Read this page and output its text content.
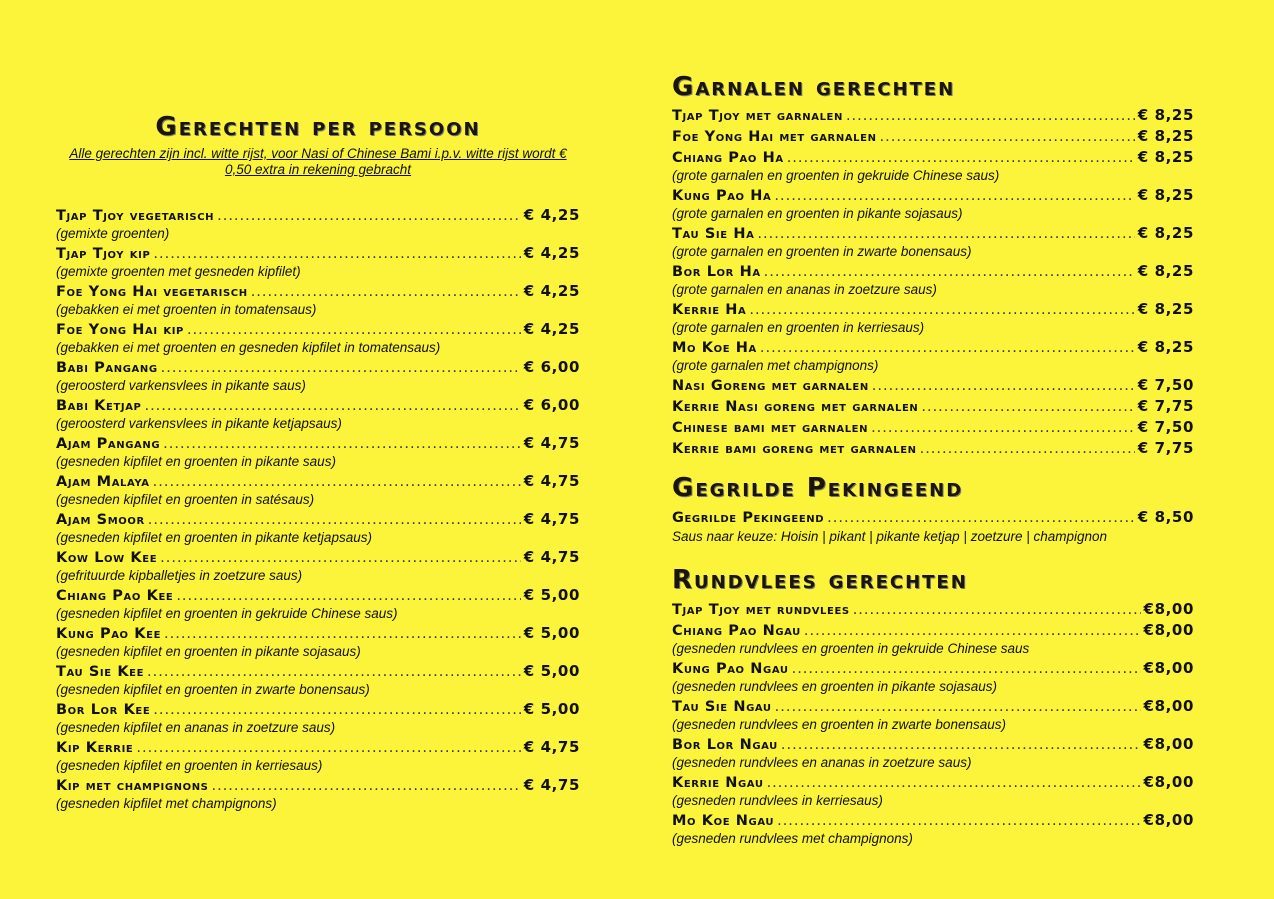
Gerechten per persoon

Alle gerechten zijn incl. witte rijst, voor Nasi of Chinese Bami i.p.v. witte rijst wordt € 0,50 extra in rekening gebracht

Tjap Tjoy vegetarisch .....	€ 4,25
(gemixte groenten)
Tjap Tjoy kip .....	€ 4,25
(gemixte groenten met gesneden kipfilet)
Foe Yong Hai vegetarisch .....	€ 4,25
(gebakken ei met groenten in tomatensaus)
Foe Yong Hai kip .....	€ 4,25
(gebakken ei met groenten en gesneden kipfilet in tomatensaus)
Babi Pangang .....	€ 6,00
(geroosterd varkensvlees in pikante saus)
Babi Ketjap .....	€ 6,00
(geroosterd varkensvlees in pikante ketjapsaus)
Ajam Pangang .....	€ 4,75
(gesneden kipfilet en groenten in pikante saus)
Ajam Malaya .....	€ 4,75
(gesneden kipfilet en groenten in satésaus)
Ajam Smoor .....	€ 4,75
(gesneden kipfilet en groenten in pikante ketjapsaus)
Kow Low Kee .....	€ 4,75
(gefrituurde kipballetjes in zoetzure saus)
Chiang Pao Kee .....	€ 5,00
(gesneden kipfilet en groenten in gekruide Chinese saus)
Kung Pao Kee .....	€ 5,00
(gesneden kipfilet en groenten in pikante sojasaus)
Tau Sie Kee .....	€ 5,00
(gesneden kipfilet en groenten in zwarte bonensaus)
Bor Lor Kee .....	€ 5,00
(gesneden kipfilet en ananas in zoetzure saus)
Kip Kerrie .....	€ 4,75
(gesneden kipfilet en groenten in kerriesaus)
Kip met champignons .....	€ 4,75
(gesneden kipfilet met champignons)
Garnalen gerechten
Tjap Tjoy met garnalen .....	€ 8,25
Foe Yong Hai met garnalen .....	€ 8,25
Chiang Pao Ha .....	€ 8,25
(grote garnalen en groenten in gekruide Chinese saus)
Kung Pao Ha .....	€ 8,25
(grote garnalen en groenten in pikante sojasaus)
Tau Sie Ha .....	€ 8,25
(grote garnalen en groenten in zwarte bonensaus)
Bor Lor Ha .....	€ 8,25
(grote garnalen en ananas in zoetzure saus)
Kerrie Ha .....	€ 8,25
(grote garnalen en groenten in kerriesaus)
Mo Koe Ha .....	€ 8,25
(grote garnalen met champignons)
Nasi Goreng met garnalen .....	€ 7,50
Kerrie Nasi goreng met garnalen .....	€ 7,75
Chinese bami met garnalen .....	€ 7,50
Kerrie bami goreng met garnalen .....	€ 7,75
Gegrilde Pekingeend
Gegrilde Pekingeend .....	€ 8,50
Saus naar keuze: Hoisin | pikant | pikante ketjap | zoetzure | champignon
Rundvlees gerechten
Tjap Tjoy met rundvlees .....	€8,00
Chiang Pao Ngau .....	€8,00
(gesneden rundvlees en groenten in gekruide Chinese saus
Kung Pao Ngau .....	€8,00
(gesneden rundvlees en groenten in pikante sojasaus)
Tau Sie Ngau .....	€8,00
(gesneden rundvlees en groenten in zwarte bonensaus)
Bor Lor Ngau .....	€8,00
(gesneden rundvlees en ananas in zoetzure saus)
Kerrie Ngau .....	€8,00
(gesneden rundvlees in kerriesaus)
Mo Koe Ngau .....	€8,00
(gesneden rundvlees met champignons)
